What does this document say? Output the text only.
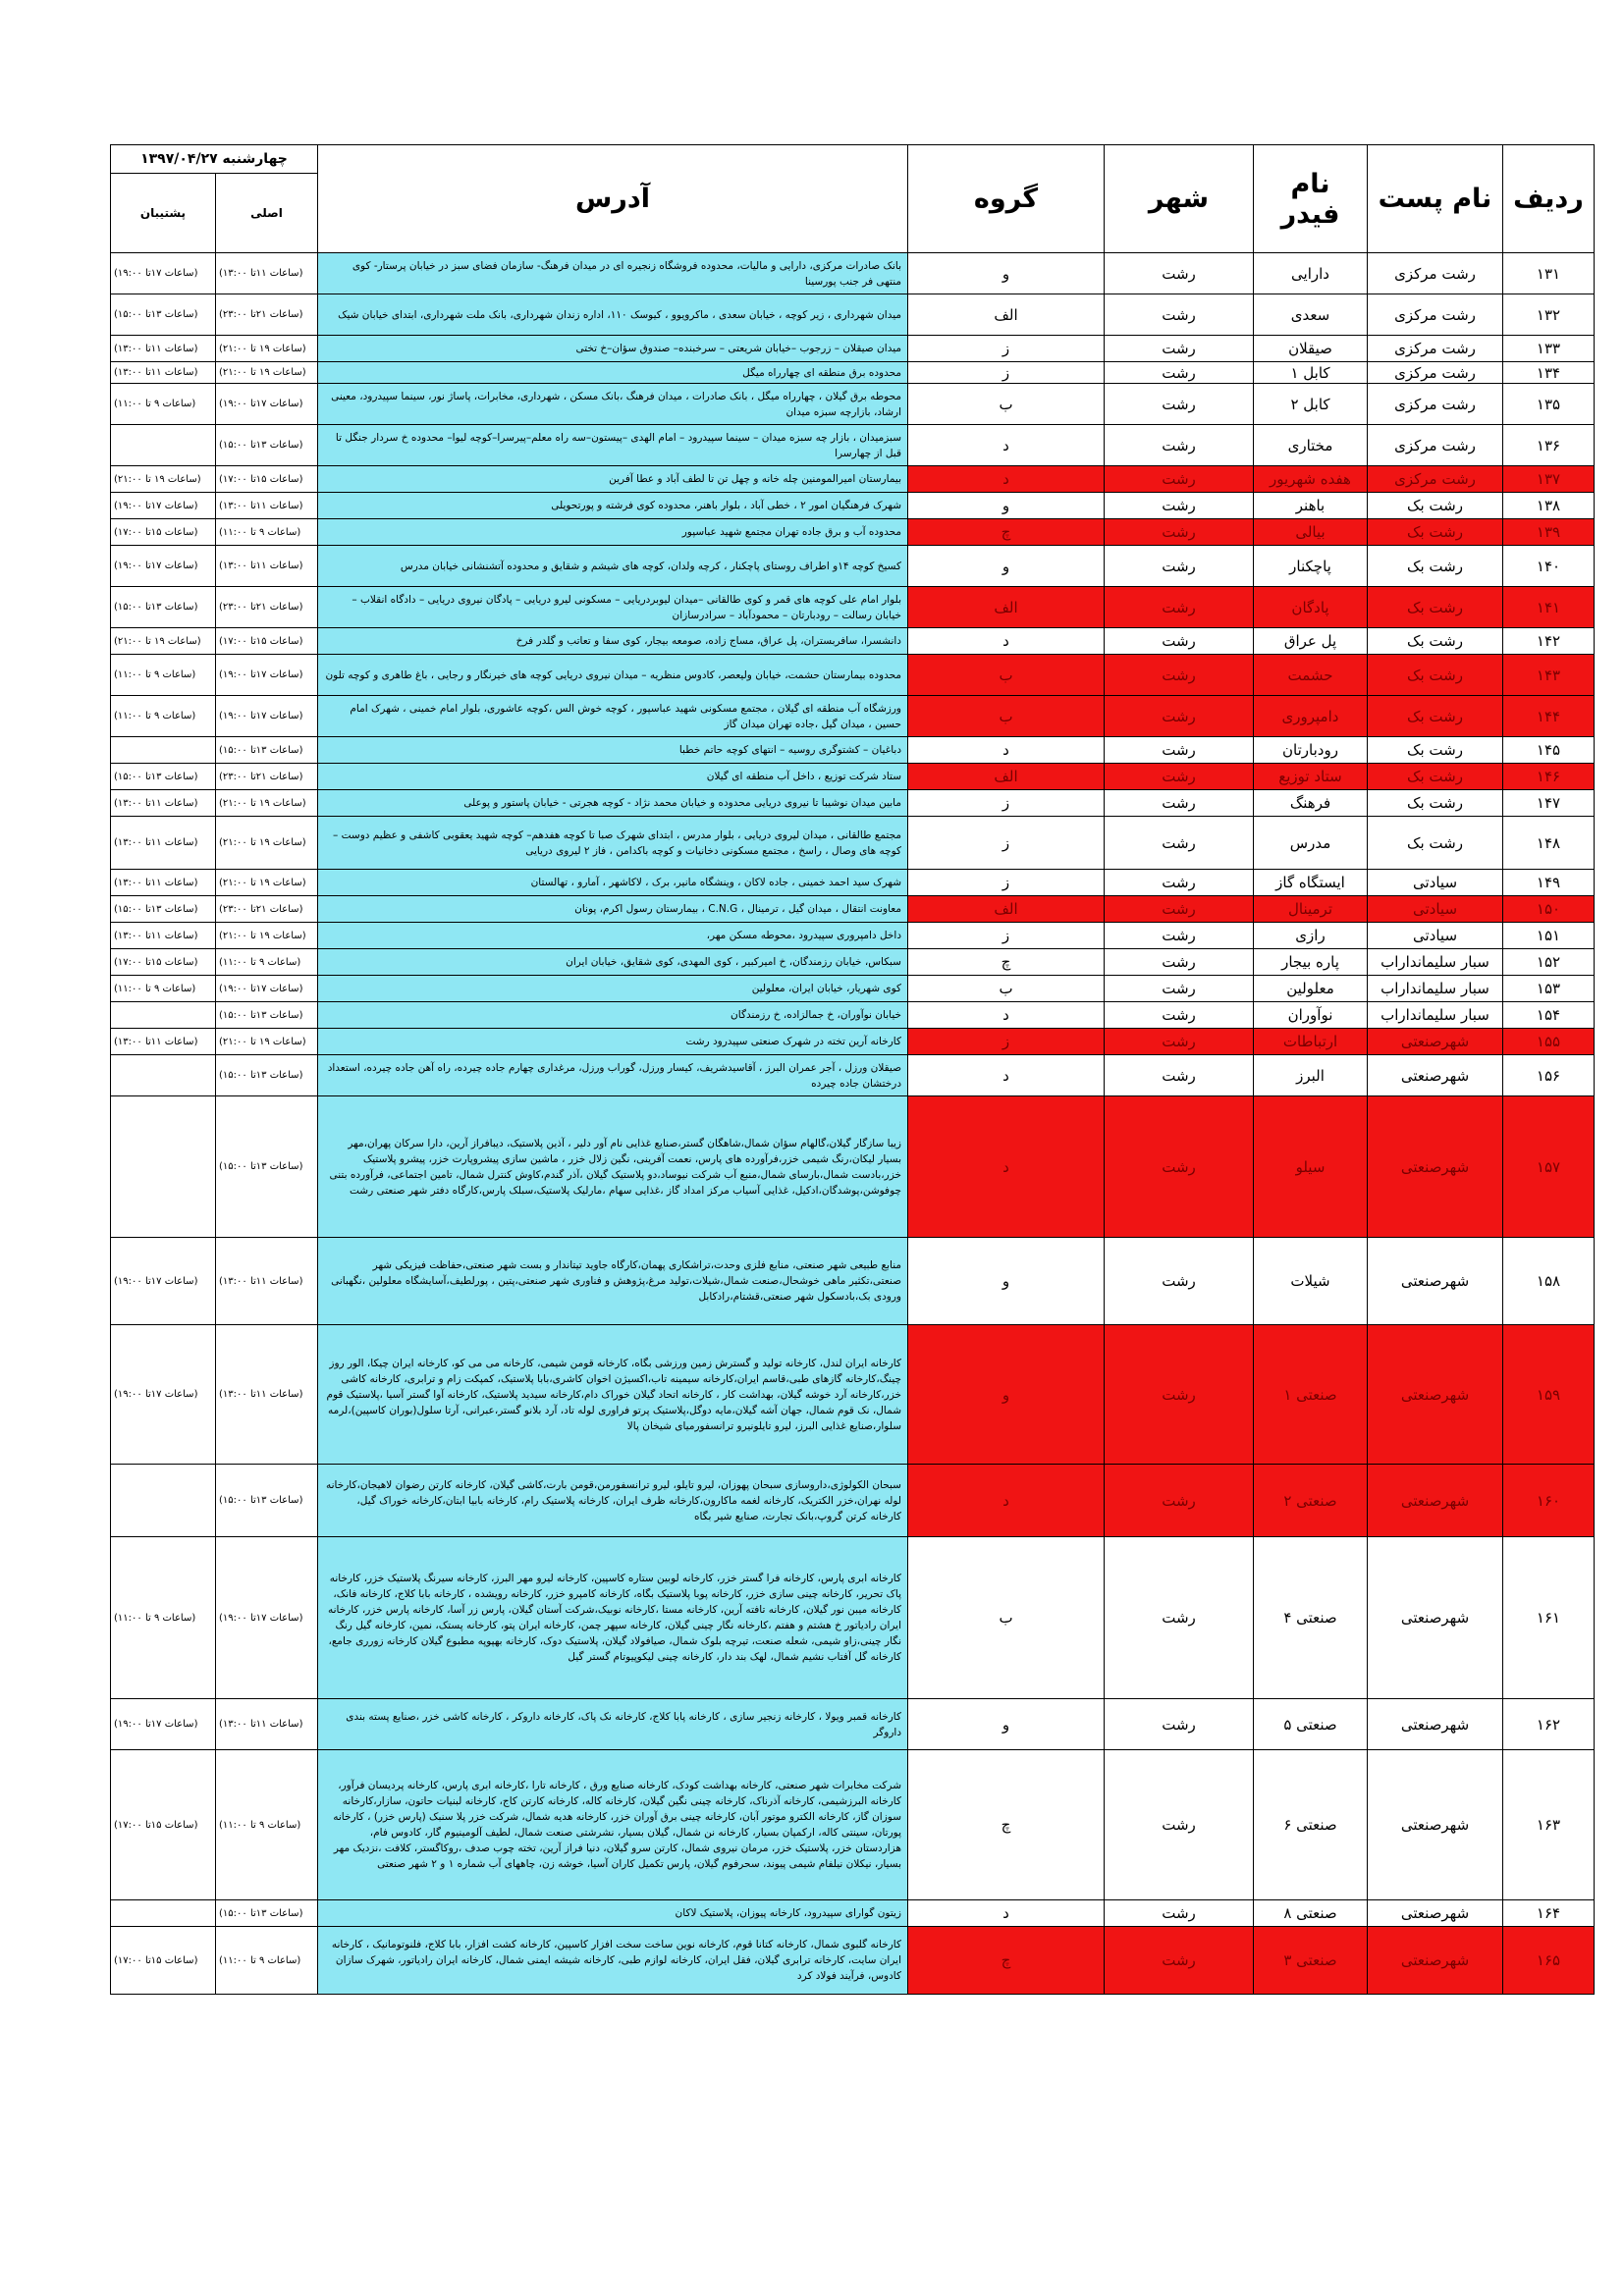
ردیف	نام پست	نام فیدر	شهر	گروه	آدرس	چهارشنبه ۱۳۹۷/۰۴/۲۷	
						اصلی	پشتیبان
۱۳۱	رشت مرکزی	دارایی	رشت	و	بانک صادرات مرکزی، دارایی و مالیات، محدوده فروشگاه زنجیره ای در میدان فرهنگ- سازمان فضای سبز در خیابان پرستار- کوی منتهی فر جنب پورسینا	(ساعات ۱۱تا ۱۳:۰۰)	(ساعات ۱۷تا ۱۹:۰۰)
۱۳۲	رشت مرکزی	سعدی	رشت	الف	میدان شهرداری ، زیر کوچه ، خیابان سعدی ، ماکرویوو ، کیوسک ۱۱۰، اداره زندان شهرداری، بانک ملت شهرداری، ابتدای خیابان شیک	(ساعات ۲۱تا ۲۳:۰۰)	(ساعات ۱۳تا ۱۵:۰۰)
۱۳۳	رشت مرکزی	صیقلان	رشت	ز	میدان صیقلان – زرجوب –خیابان شریعتی – سرخبنده– صندوق سؤان–خ تختی	(ساعات ۱۹ تا ۲۱:۰۰)	(ساعات ۱۱تا ۱۳:۰۰)
۱۳۴	رشت مرکزی	کابل ۱	رشت	ز	محدوده برق منطقه ای چهارراه میگل	(ساعات ۱۹ تا ۲۱:۰۰)	(ساعات ۱۱تا ۱۳:۰۰)
۱۳۵	رشت مرکزی	کابل ۲	رشت	ب	محوطه برق گیلان ، چهارراه میگل ، بانک صادرات ، میدان فرهنگ ،بانک مسکن ، شهرداری، مخابرات، پاساژ نور، سینما سپیدرود، معینی ارشاد، بازارچه سبزه میدان	(ساعات ۱۷تا ۱۹:۰۰)	(ساعات ۹ تا ۱۱:۰۰)
۱۳۶	رشت مرکزی	مختاری	رشت	د	سبزمیدان ، بازار چه سبزه میدان – سینما سپیدرود – امام الهدی –پیستون–سه راه معلم–پیرسرا–کوچه لیوا– محدوده خ سردار جنگل تا قبل از چهارسرا	(ساعات ۱۳تا ۱۵:۰۰)	
۱۳۷	رشت مرکزی	هفده شهریور	رشت	د	بیمارستان امیرالمومنین چله خانه و چهل تن تا لطف آباد و عطا آفرین	(ساعات ۱۵تا ۱۷:۰۰)	(ساعات ۱۹ تا ۲۱:۰۰)
۱۳۸	رشت بک	باهنر	رشت	و	شهرک فرهنگیان امور ۲ ، خطی آباد ، بلوار باهنر، محدوده کوی فرشته و پورتحویلی	(ساعات ۱۱تا ۱۳:۰۰)	(ساعات ۱۷تا ۱۹:۰۰)
۱۳۹	رشت بک	بیالی	رشت	چ	محدوده آب و برق جاده تهران مجتمع شهید عباسپور	(ساعات ۹ تا ۱۱:۰۰)	(ساعات ۱۵تا ۱۷:۰۰)
۱۴۰	رشت بک	پاچکنار	رشت	و	کسیخ کوچه ۱۴و اطراف روستای پاچکنار ، کرچه ولدان، کوچه های شیشم و شقایق و محدوده آتشنشانی خیابان مدرس	(ساعات ۱۱تا ۱۳:۰۰)	(ساعات ۱۷تا ۱۹:۰۰)
۱۴۱	رشت بک	پادگان	رشت	الف	بلوار امام علی کوچه های قمر و کوی طالقانی –میدان لیوبردریایی – مسکونی لیرو دریایی – پادگان نیروی دریایی – دادگاه انقلاب – خیابان رسالت – رودبارتان – محمودآباد – سرادرسازان	(ساعات ۲۱تا ۲۳:۰۰)	(ساعات ۱۳تا ۱۵:۰۰)
۱۴۲	رشت بک	پل عراق	رشت	د	دانشسرا، سافربستران، پل عراق، مساج زاده، صومعه بیجار، کوی سفا و تعاتب و گلدر فرخ	(ساعات ۱۵تا ۱۷:۰۰)	(ساعات ۱۹ تا ۲۱:۰۰)
۱۴۳	رشت بک	حشمت	رشت	ب	محدوده بیمارستان حشمت، خیابان ولیعصر، کادوس منظریه – میدان نیروی دریایی کوچه های خیرنگار و رجایی ، باغ طاهری و کوچه تلون	(ساعات ۱۷تا ۱۹:۰۰)	(ساعات ۹ تا ۱۱:۰۰)
۱۴۴	رشت بک	دامپروری	رشت	ب	ورزشگاه آب منطقه ای گیلان ، مجتمع مسکونی شهید عباسپور ، کوچه خوش الس ،کوچه عاشوری، بلوار امام خمینی ، شهرک امام حسین ، میدان گیل ،جاده تهران میدان گاز	(ساعات ۱۷تا ۱۹:۰۰)	(ساعات ۹ تا ۱۱:۰۰)
۱۴۵	رشت بک	رودبارتان	رشت	د	دباغیان – کشتوگری روسیه – انتهای کوچه حاتم خطبا	(ساعات ۱۳تا ۱۵:۰۰)	
۱۴۶	رشت بک	ستاد توزیع	رشت	الف	ستاد شرکت توزیع ، داخل آب منطقه ای گیلان	(ساعات ۲۱تا ۲۳:۰۰)	(ساعات ۱۳تا ۱۵:۰۰)
۱۴۷	رشت بک	فرهنگ	رشت	ز	مابین میدان نوشیبا تا نیروی دریایی محدوده و خیابان محمد نژاد - کوچه هجرتی - خیابان پاستور و پوعلی	(ساعات ۱۹ تا ۲۱:۰۰)	(ساعات ۱۱تا ۱۳:۰۰)
۱۴۸	رشت بک	مدرس	رشت	ز	مجتمع طالقانی ، میدان لیروی دریایی ، بلوار مدرس ، ابتدای شهرک صبا تا کوچه هفدهم– کوچه شهید یعقوبی کاشفی و عظیم دوست – کوچه های وصال ، راسخ ، مجتمع مسکونی دخانیات و کوچه باکدامن ، فاز ۲ لیروی دریایی	(ساعات ۱۹ تا ۲۱:۰۰)	(ساعات ۱۱تا ۱۳:۰۰)
۱۴۹	سیادتی	ایستگاه گاز	رشت	ز	شهرک سید احمد خمینی ، جاده لاکان ، وینشگاه مانیر، برک ، لاکاشهر ، آمارو ، تهالستان	(ساعات ۱۹ تا ۲۱:۰۰)	(ساعات ۱۱تا ۱۳:۰۰)
۱۵۰	سیادتی	ترمینال	رشت	الف	معاونت انتقال ، میدان گیل ، ترمینال ، C.N.G ، بیمارستان رسول اکرم، پونان	(ساعات ۲۱تا ۲۳:۰۰)	(ساعات ۱۳تا ۱۵:۰۰)
۱۵۱	سیادتی	رازی	رشت	ز	داخل دامپروری سپیدرود ،محوطه مسکن مهر،	(ساعات ۱۹ تا ۲۱:۰۰)	(ساعات ۱۱تا ۱۳:۰۰)
۱۵۲	سبار سلیمانداراب	پاره بیجار	رشت	چ	سبکاس، خیابان رزمندگان، خ امیرکبیر ، کوی المهدی، کوی شقایق، خیابان ایران	(ساعات ۹ تا ۱۱:۰۰)	(ساعات ۱۵تا ۱۷:۰۰)
۱۵۳	سبار سلیمانداراب	معلولین	رشت	ب	کوی شهریار، خیابان ایران، معلولین	(ساعات ۱۷تا ۱۹:۰۰)	(ساعات ۹ تا ۱۱:۰۰)
۱۵۴	سبار سلیمانداراب	نوآوران	رشت	د	خیابان نوآوران، خ جمالزاده، خ رزمندگان	(ساعات ۱۳تا ۱۵:۰۰)	
۱۵۵	شهرصنعتی	ارتباطات	رشت	ز	کارخانه آرین تخته در شهرک صنعتی سپیدرود رشت	(ساعات ۱۹ تا ۲۱:۰۰)	(ساعات ۱۱تا ۱۳:۰۰)
۱۵۶	شهرصنعتی	البرز	رشت	د	صیقلان ورزل ، آجر عمران البرز ، آقاسیدشریف، کیسار ورزل، گوراب ورزل، مرغداری چهارم جاده چیرده، راه آهن جاده چیرده، استعداد درختشان جاده چیرده	(ساعات ۱۳تا ۱۵:۰۰)	
۱۵۷	شهرصنعتی	سیلو	رشت	د	زیبا سازگار گیلان،گالهام سؤان شمال،شاهگان گستر،صنایع غذایی نام آور دلیر ، آذین پلاستیک، دیبافراز آرین، دارا سرکان پهران،مهر بسیار لیکان،رنگ شیمی خزر،فرآورده های پارس، نعمت آفرینی، نگین زلال خزر ، ماشین سازی پیشروپارت خزر، پیشرو پلاستیک خزر،بادست شمال،بارسای شمال،منبع آب شرکت نیوساد،دو پلاستیک گیلان ،آذر گندم،کاوش کنترل شمال، تامین اجتماعی، فرآورده بتنی چوفوشن،پوشدگان،ادکیل، غذایی آسیاب مرکز امداد گاز ،غذایی سهام ،مارلیک پلاستیک،سبلک پارس،کارگاه دفتر شهر صنعتی رشت	(ساعات ۱۳تا ۱۵:۰۰)	
۱۵۸	شهرصنعتی	شیلات	رشت	و	منابع طبیعی شهر صنعتی، منابع فلزی وحدت،تراشکاری پهمان،کارگاه جاوید تیتاندار و بست شهر صنعتی،حفاظت فیزیکی شهر صنعتی،تکثیر ماهی خوشحال،صنعت شمال،شیلات،تولید مرغ،پژوهش و فناوری شهر صنعتی،پتین ، پورلطیف،آسایشگاه معلولین ،نگهبانی ورودی بک،بادسکول شهر صنعتی،قشتام،رادکابل	(ساعات ۱۱تا ۱۳:۰۰)	(ساعات ۱۷تا ۱۹:۰۰)
۱۵۹	شهرصنعتی	صنعتی ۱	رشت	و	کارخانه ایران لندل، کارخانه تولید و گسترش زمین ورزشی بگاه، کارخانه قومن شیمی، کارخانه می می کو، کارخانه ایران چیکا، الور روز چینگ،کارخانه گازهای طبی،قاسم ایران،کارخانه سیمینه تاب،اکسیژن اخوان کاشری،بابا پلاستیک، کمپکت زام و ترابری، کارخانه کاشی خزر،کارخانه آرد خوشه گیلان، بهداشت کار ، کارخانه اتحاد گیلان خوراک دام،کارخانه سیدید پلاستیک، کارخانه آوا گستر آسیا ،پلاستیک قوم شمال، نک قوم شمال، جهان آشه گیلان،مایه دوگل،پلاستیک پرتو فراوری لوله تاد، آرد بلانو گستر،عبرانی، آرتا سلول(بوران کاسپین)،لرمه سلوار،صنایع غذایی البرز، لیرو تایلونیرو ترانسفورمیای شیخان پالا	(ساعات ۱۱تا ۱۳:۰۰)	(ساعات ۱۷تا ۱۹:۰۰)
۱۶۰	شهرصنعتی	صنعتی ۲	رشت	د	سبحان الکولوژی،داروسازی سبحان پهوزان، لیرو تایلو، لیرو ترانسفورمن،قومن بارت،کاشی گیلان، کارخانه کارتن رضوان لاهیجان،کارخانه لوله نهران،خزر الکتریک، کارخانه لغمه ماکارون،کارخانه ظرف ایران، کارخانه پلاستیک رام، کارخانه بابیا ابتان،کارخانه خوراک گیل، کارخانه کرتن گروپ،بانک تجارت، صنایع شیر بگاه	(ساعات ۱۳تا ۱۵:۰۰)	
۱۶۱	شهرصنعتی	صنعتی ۴	رشت	ب	کارخانه ابری پارس، کارخانه فرا گستر خزر، کارخانه لوبین ستاره کاسپین، کارخانه لیرو مهر البرز، کارخانه سیرنگ پلاستیک خزر، کارخانه پاک تحریر، کارخانه چینی سازی خزر، کارخانه پوبا پلاستیک بگاه، کارخانه کامپرو خزر، کارخانه رویشده ، کارخانه بابا کلاج، کارخانه فانک، کارخانه میبن نور گیلان، کارخانه تافته آرین، کارخانه مستا ،کارخانه نوبیک،شرکت آستان گیلان، پارس زر آسا، کارخانه پارس خزر، کارخانه ایران رادیاتور خ هشتم و هفتم ،کارخانه نگار چینی گیلان، کارخانه سپهر چمن، کارخانه ایران پتو، کارخانه پستک، نمین، کارخانه گیل رنگ نگار چینی،زاو شیمی، شعله صنعت، تیرچه بلوک شمال، صیافولاد گیلان، پلاستیک دوک، کارخانه بهپوپه مطبوع گیلان کارخانه زورری جامع، کارخانه گل آفتاب نشیم شمال، لهک بند دار، کارخانه چینی لیکوپیوتام گستر گیل	(ساعات ۱۷تا ۱۹:۰۰)	(ساعات ۹ تا ۱۱:۰۰)
۱۶۲	شهرصنعتی	صنعتی ۵	رشت	و	کارخانه قمبر ویولا ، کارخانه زنجیر سازی ، کارخانه پابا کلاج، کارخانه نک پاک، کارخانه داروکر ، کارخانه کاشی خزر ،صنایع پسته بندی داروگر	(ساعات ۱۱تا ۱۳:۰۰)	(ساعات ۱۷تا ۱۹:۰۰)
۱۶۳	شهرصنعتی	صنعتی ۶	رشت	چ	شرکت مخابرات شهر صنعتی، کارخانه بهداشت کودک، کارخانه صنایع ورق ، کارخانه تارا ،کارخانه ابری پارس، کارخانه پردیسان فرآور، کارخانه البرزشیمی، کارخانه آذرناک، کارخانه چینی نگین گیلان، کارخانه کاله، کارخانه کارتن کاج، کارخانه لبنیات حاتون، سازار،کارخانه سوزان گاز، کارخانه الکترو موتور آبان، کارخانه چینی برق آوران خزر، کارخانه هدیه شمال، شرکت خزر پلا سنبک (پارس خزر) ، کارخانه پورتان، سینتی کاله، ارکمپان بسیار، کارخانه نن شمال، گیلان بسیار، نشرشتی صنعت شمال، لطیف آلومینیوم گار، کادوس فام، هزاردستان خزر، پلاستیک خزر، مرمان نیروی شمال، کارتن سرو گیلان، دنیا فراز آرین، تخته چوب صدف ،روکاگستر، کلافت ،نزدیک مهر بسیار، نیکلان نیلفام شیمی پیوند، سحرفوم گیلان، پارس تکمیل کاران آسیا، خوشه زن، چاههای آب شماره ۱ و ۲ شهر صنعتی	(ساعات ۹ تا ۱۱:۰۰)	(ساعات ۱۵تا ۱۷:۰۰)
۱۶۴	شهرصنعتی	صنعتی ۸	رشت	د	زیتون گوارای سپیدرود، کارخانه پیوزان، پلاستیک لاکان	(ساعات ۱۳تا ۱۵:۰۰)	
۱۶۵	شهرصنعتی	صنعتی ۳	رشت	چ	کارخانه گلبوی شمال، کارخانه کتانا قوم، کارخانه نوین ساخت سخت افزار کاسپین، کارخانه کشت افزار، بابا کلاج، فلنوتومانیک ، کارخانه ایران سایت، کارخانه ترابری گیلان، فقل ایران، کارخانه لوازم طبی، کارخانه شیشه ایمنی شمال، کارخانه ایران رادیاتور، شهرک سازان کادوس، فرآیند فولاد کرد	(ساعات ۹ تا ۱۱:۰۰)	(ساعات ۱۵تا ۱۷:۰۰)
